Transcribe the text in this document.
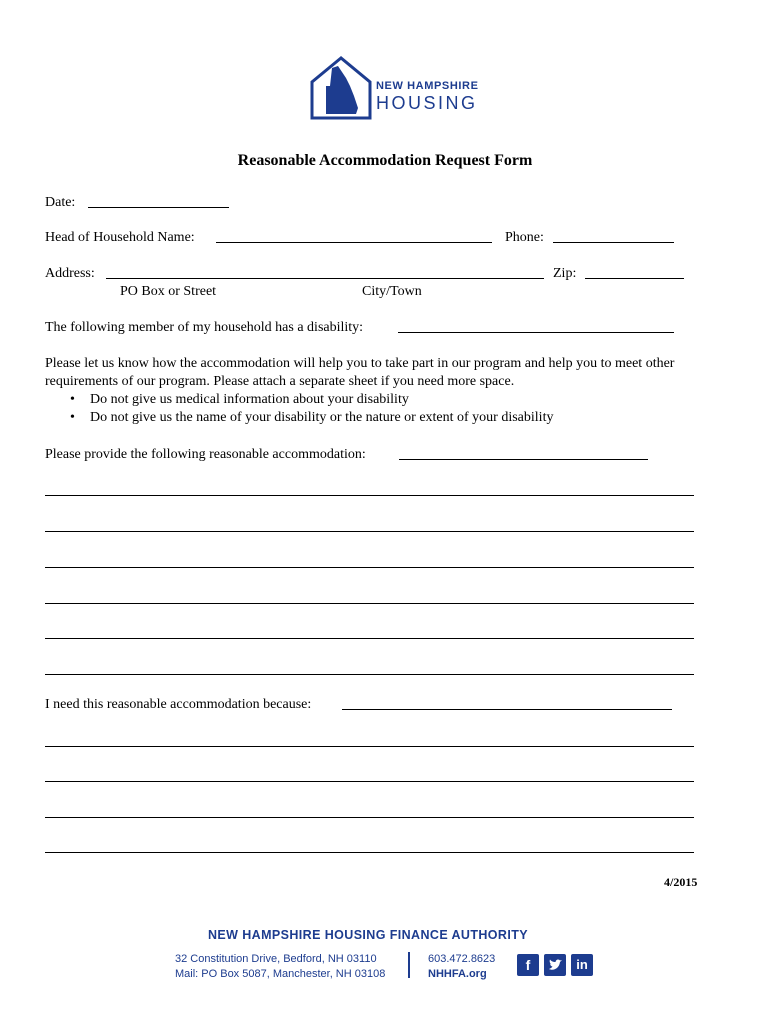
NEW HAMPSHIRE
HOUSING
Reasonable Accommodation Request Form
Date:
Head of Household Name:	Phone:
Address:	Zip:
PO Box or Street	City/Town
The following member of my household has a disability:
Please let us know how the accommodation will help you to take part in our program and help you to meet other
requirements of our program. Please attach a separate sheet if you need more space.
• Do not give us medical information about your disability
• Do not give us the name of your disability or the nature or extent of your disability
Please provide the following reasonable accommodation:
I need this reasonable accommodation because:
4/2015
NEW HAMPSHIRE HOUSING FINANCE AUTHORITY
32 Constitution Drive, Bedford, NH 03110
Mail: PO Box 5087, Manchester, NH 03108
603.472.8623
NHHFA.org
f	in
